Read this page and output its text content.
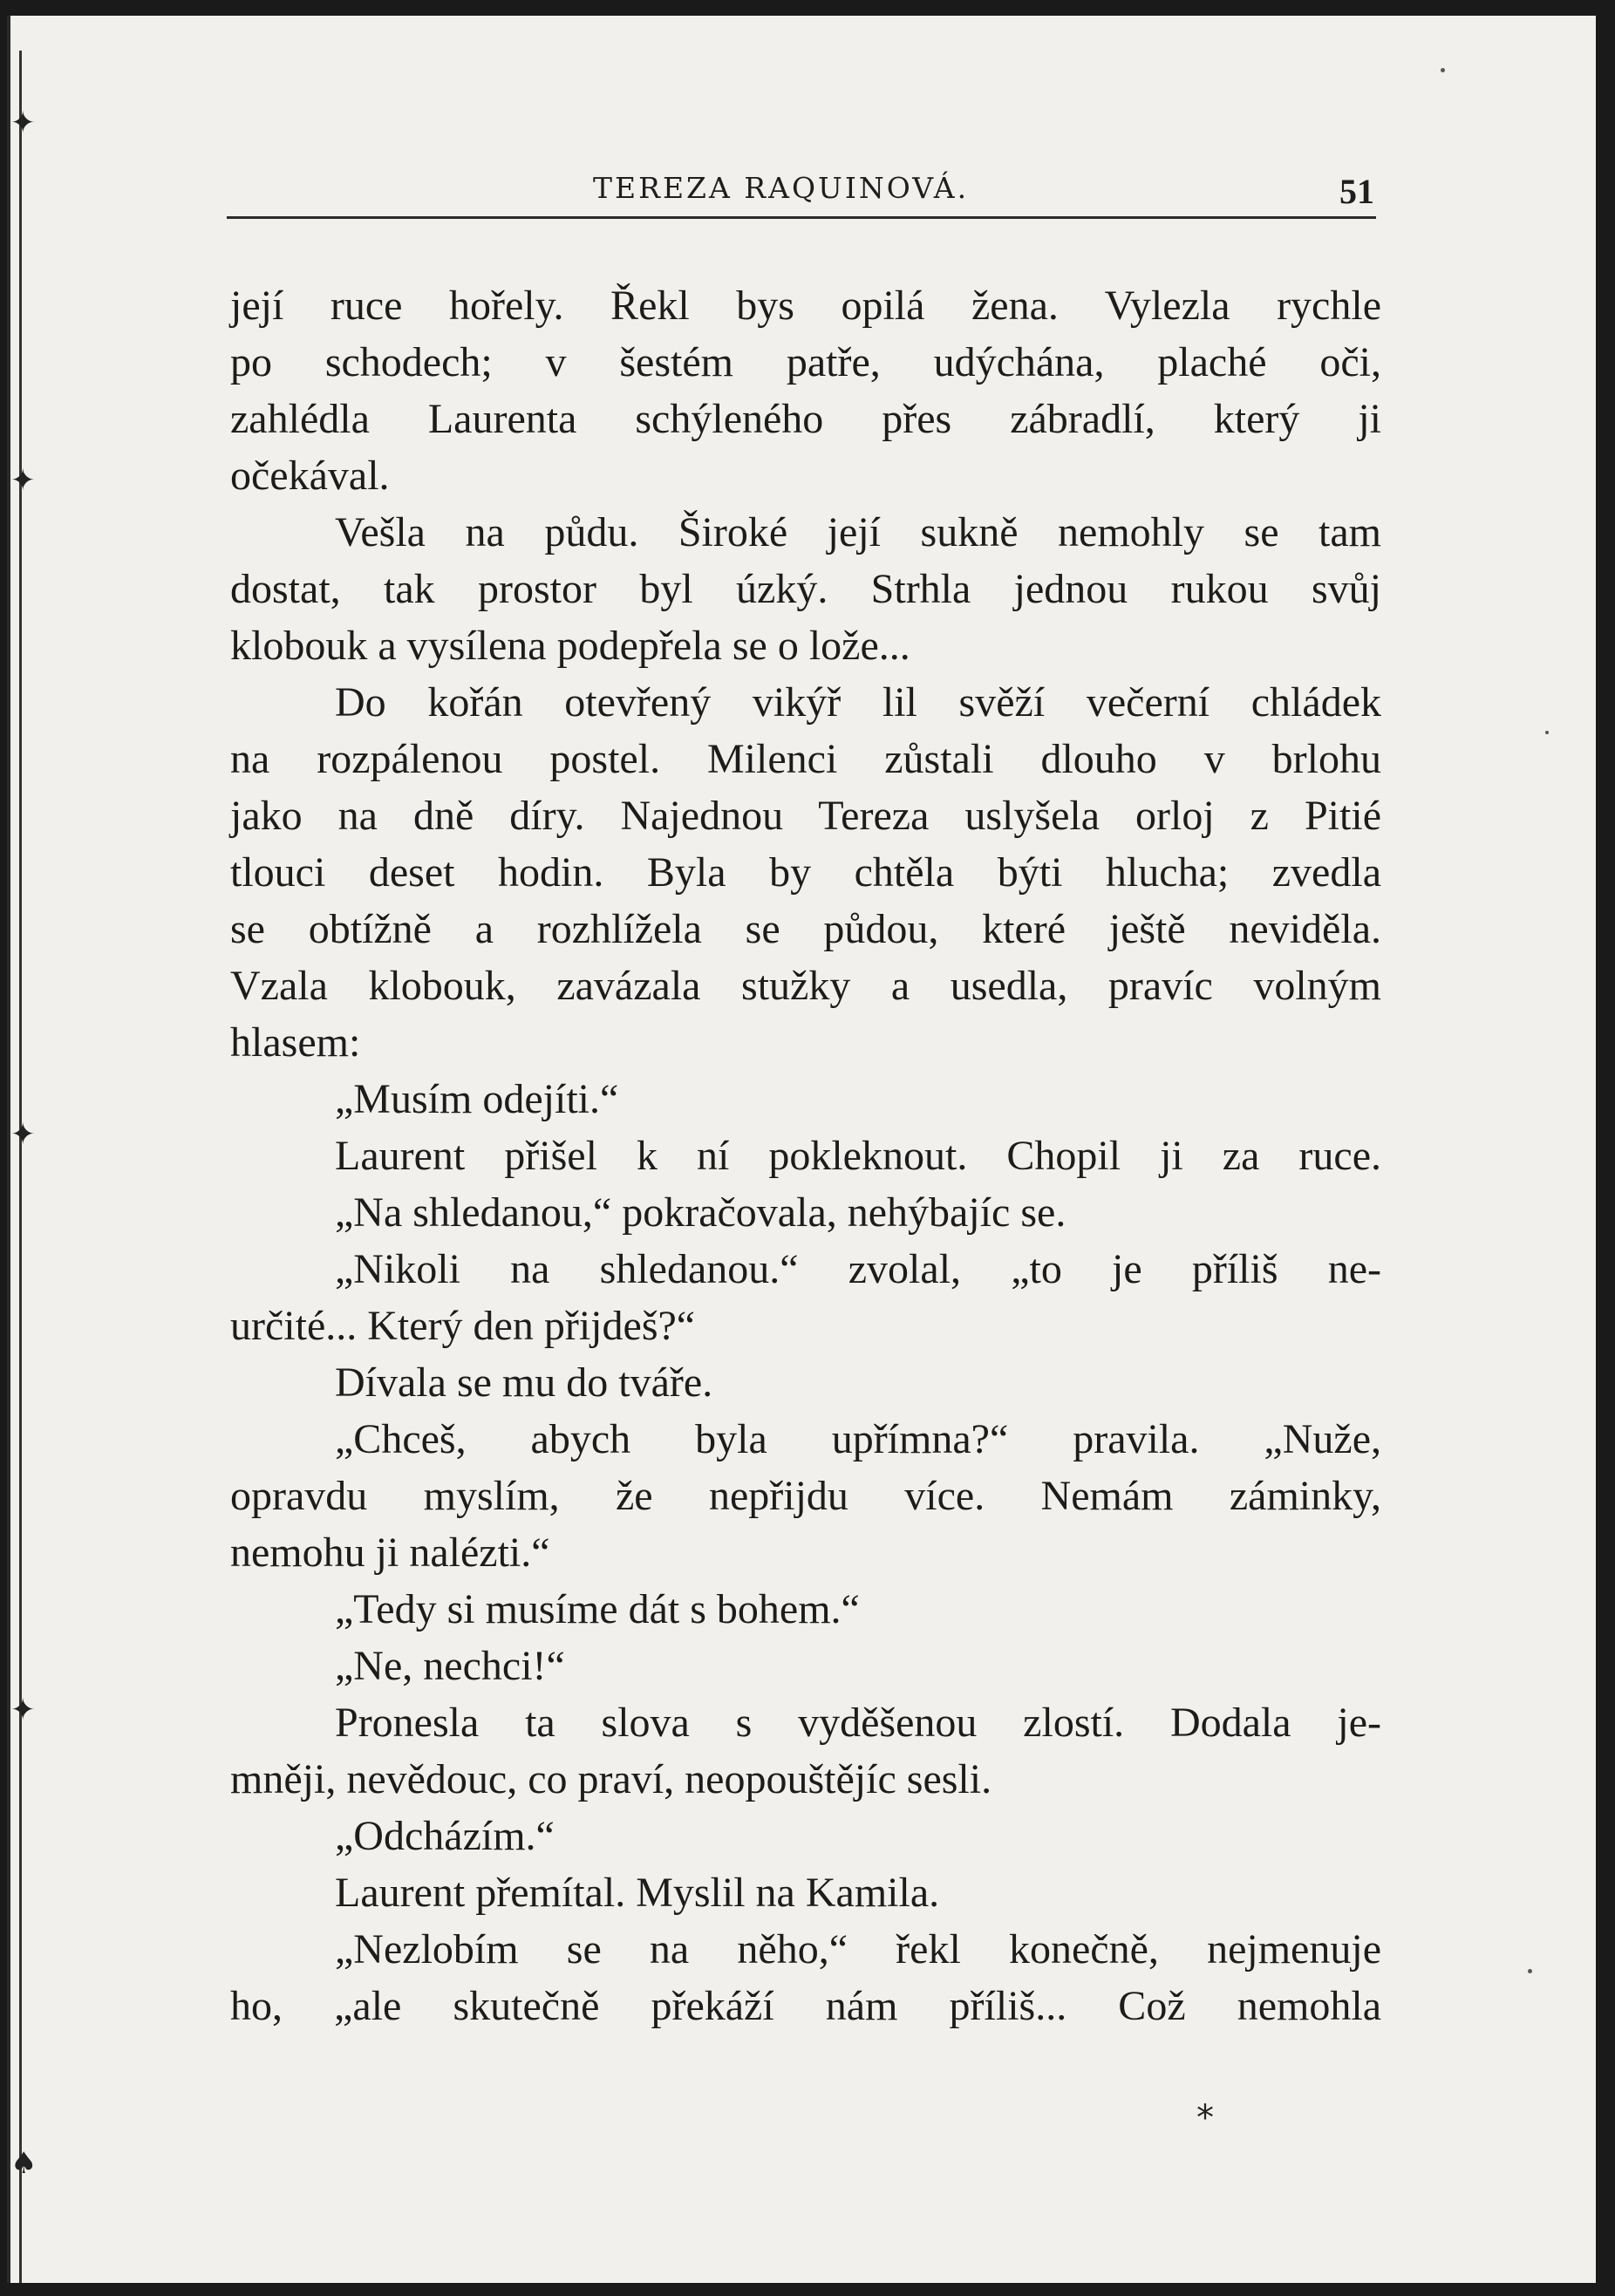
✦
✦
✦
✦
♠
TEREZA RAQUINOVÁ.	51

její ruce hořely. Řekl bys opilá žena. Vylezla rychle

po schodech; v šestém patře, udýchána, plaché oči,

zahlédla Laurenta schýleného přes zábradlí, který ji

očekával.

Vešla na půdu. Široké její sukně nemohly se tam

dostat, tak prostor byl úzký. Strhla jednou rukou svůj

klobouk a vysílena podepřela se o lože...

Do kořán otevřený vikýř lil svěží večerní chládek

na rozpálenou postel. Milenci zůstali dlouho v brlohu

jako na dně díry. Najednou Tereza uslyšela orloj z Pitié

tlouci deset hodin. Byla by chtěla býti hlucha; zvedla

se obtížně a rozhlížela se půdou, které ještě neviděla.

Vzala klobouk, zavázala stužky a usedla, pravíc volným

hlasem:

„Musím odejíti.“

Laurent přišel k ní pokleknout. Chopil ji za ruce.

„Na shledanou,“ pokračovala, nehýbajíc se.

„Nikoli na shledanou.“ zvolal, „to je příliš ne-

určité... Který den přijdeš?“

Dívala se mu do tváře.

„Chceš, abych byla upřímna?“ pravila. „Nuže,

opravdu myslím, že nepřijdu více. Nemám záminky,

nemohu ji nalézti.“

„Tedy si musíme dát s bohem.“

„Ne, nechci!“

Pronesla ta slova s vyděšenou zlostí. Dodala je-

mněji, nevědouc, co praví, neopouštějíc sesli.

„Odcházím.“

Laurent přemítal. Myslil na Kamila.

„Nezlobím se na něho,“ řekl konečně, nejmenuje

ho, „ale skutečně překáží nám příliš... Což nemohla

*
